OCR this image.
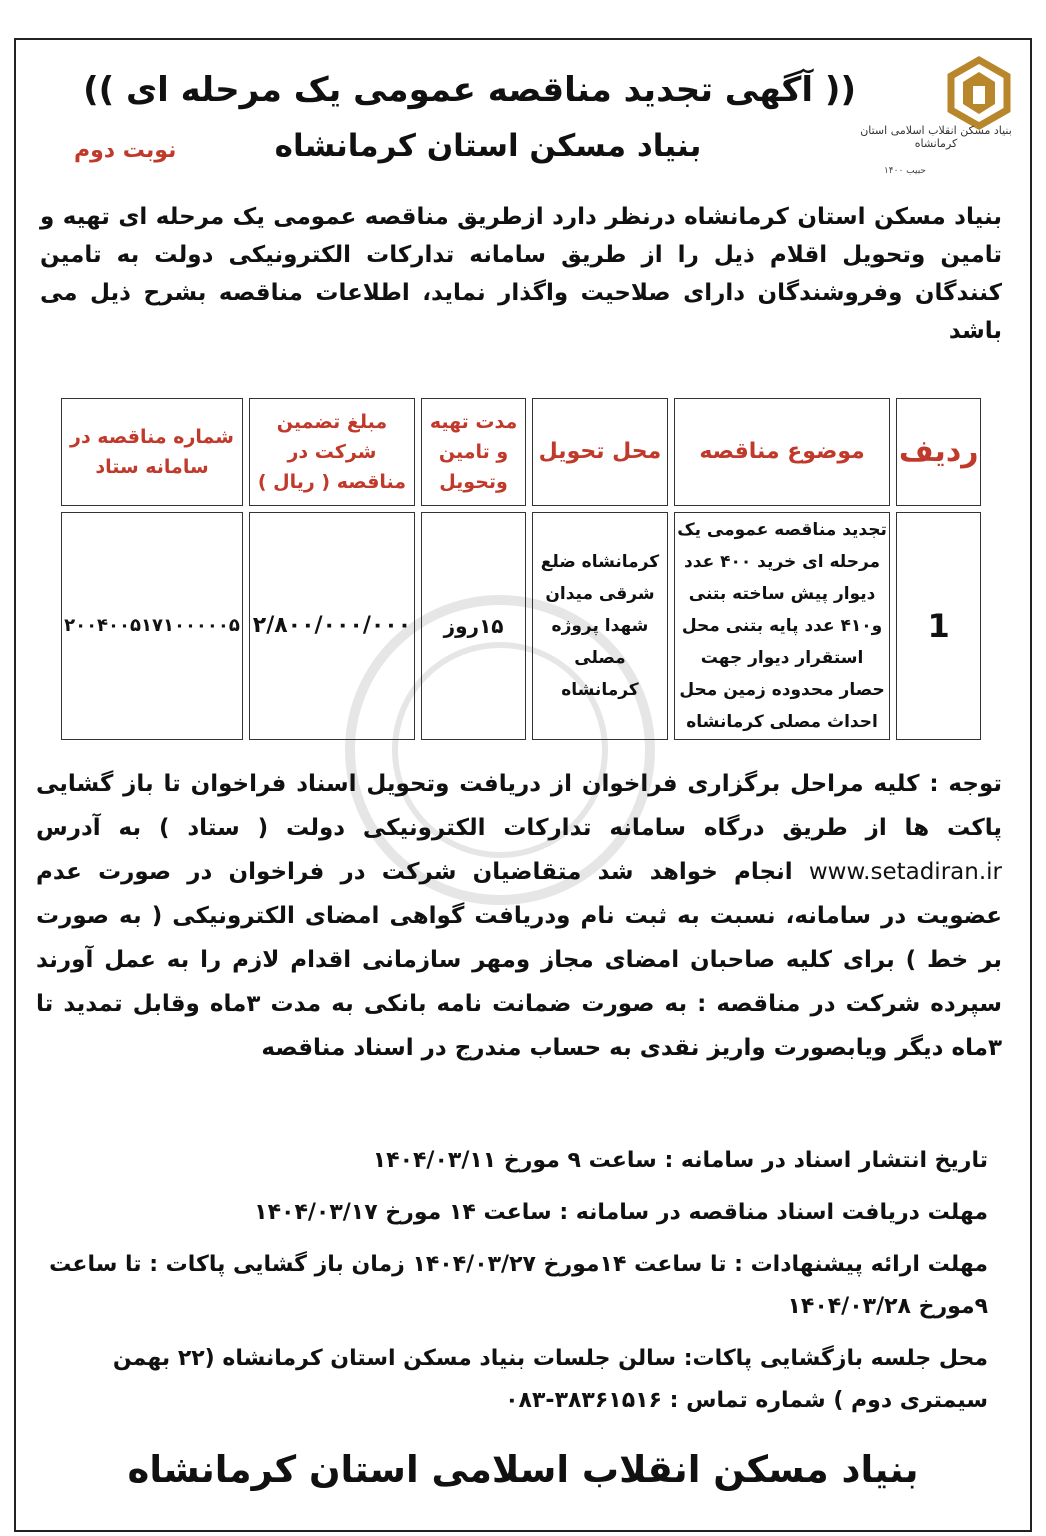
بنیاد مسکن انقلاب اسلامی استان کرمانشاه
حبیب ۱۴۰۰
(( آگهی تجدید مناقصه عمومی یک مرحله ای ))
بنیاد مسکن استان کرمانشاه
نوبت دوم
بنیاد مسکن استان کرمانشاه درنظر دارد ازطریق مناقصه عمومی یک مرحله ای تهیه و تامین وتحویل اقلام ذیل را از طریق سامانه تدارکات الکترونیکی دولت به تامین کنندگان وفروشندگان دارای صلاحیت واگذار نماید، اطلاعات مناقصه بشرح ذیل می باشد
ردیف	موضوع مناقصه	محل تحویل	مدت تهیه و تامین وتحویل	مبلغ تضمین شرکت در مناقصه ( ریال )	شماره مناقصه در سامانه ستاد
1	تجدید مناقصه عمومی یک مرحله ای خرید ۴۰۰ عدد دیوار پیش ساخته بتنی و۴۱۰ عدد پایه بتنی محل استقرار دیوار جهت حصار محدوده زمین محل احداث مصلی کرمانشاه	کرمانشاه ضلع شرقی میدان شهدا پروژه مصلی کرمانشاه	۱۵روز	۲/۸۰۰/۰۰۰/۰۰۰	۲۰۰۴۰۰۵۱۷۱۰۰۰۰۰۵
توجه : کلیه مراحل برگزاری فراخوان از دریافت وتحویل اسناد فراخوان تا باز گشایی پاکت ها از طریق درگاه سامانه تدارکات الکترونیکی دولت ( ستاد ) به آدرس www.setadiran.ir انجام خواهد شد متقاضیان شرکت در فراخوان در صورت عدم عضویت در سامانه، نسبت به ثبت نام ودریافت گواهی امضای الکترونیکی ( به صورت بر خط ) برای کلیه صاحبان امضای مجاز ومهر سازمانی اقدام لازم را به عمل آورند سپرده شرکت در مناقصه : به صورت ضمانت نامه بانکی به مدت ۳ماه وقابل تمدید تا ۳ماه دیگر ویابصورت واریز نقدی به حساب مندرج در اسناد مناقصه

تاریخ انتشار اسناد در سامانه : ساعت ۹ مورخ ۱۴۰۴/۰۳/۱۱

مهلت دریافت اسناد مناقصه در سامانه : ساعت ۱۴ مورخ ۱۴۰۴/۰۳/۱۷

مهلت ارائه پیشنهادات : تا ساعت ۱۴مورخ ۱۴۰۴/۰۳/۲۷ زمان باز گشایی پاکات : تا ساعت ۹مورخ ۱۴۰۴/۰۳/۲۸

محل جلسه بازگشایی پاکات: سالن جلسات بنیاد مسکن استان کرمانشاه (۲۲ بهمن سیمتری دوم ) شماره تماس : ۳۸۳۶۱۵۱۶-۰۸۳

بنیاد مسکن انقلاب اسلامی استان کرمانشاه
